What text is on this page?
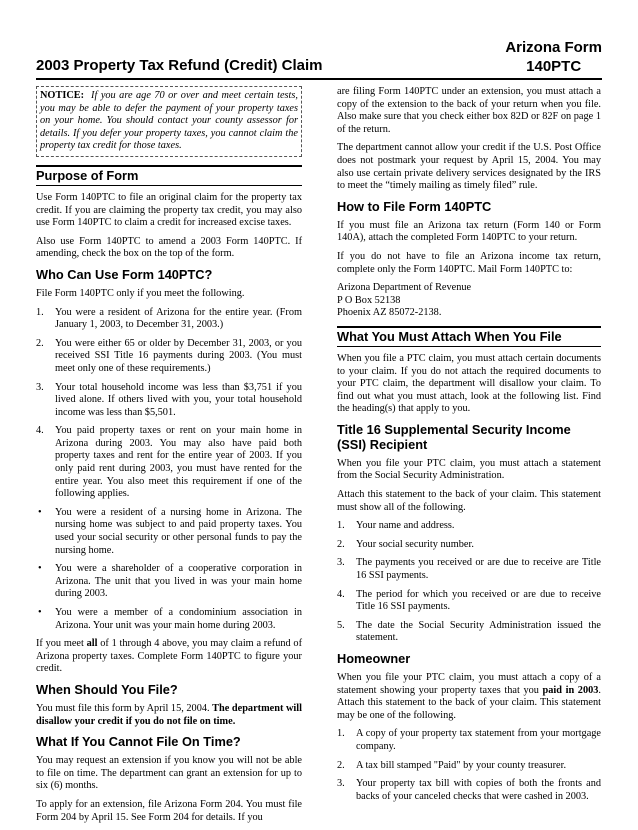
Arizona Form
140PTC
2003 Property Tax Refund (Credit) Claim

NOTICE: If you are age 70 or over and meet certain tests, you may be able to defer the payment of your property taxes on your home. You should contact your county assessor for details. If you defer your property taxes, you cannot claim the property tax credit for those taxes.

Purpose of Form

Use Form 140PTC to file an original claim for the property tax credit. If you are claiming the property tax credit, you may also use Form 140PTC to claim a credit for increased excise taxes.

Also use Form 140PTC to amend a 2003 Form 140PTC. If amending, check the box on the top of the form.

Who Can Use Form 140PTC?

File Form 140PTC only if you meet the following.

1. You were a resident of Arizona for the entire year. (From January 1, 2003, to December 31, 2003.)
2. You were either 65 or older by December 31, 2003, or you received SSI Title 16 payments during 2003. (You must meet only one of these requirements.)
3. Your total household income was less than $3,751 if you lived alone. If others lived with you, your total household income was less than $5,501.
4. You paid property taxes or rent on your main home in Arizona during 2003. You may also have paid both property taxes and rent for the entire year of 2003. If you only paid rent during 2003, you must have rented for the entire year. You also meet this requirement if one of the following applies.
• You were a resident of a nursing home in Arizona. The nursing home was subject to and paid property taxes. You used your social security or other personal funds to pay the nursing home.
• You were a shareholder of a cooperative corporation in Arizona. The unit that you lived in was your main home during 2003.
• You were a member of a condominium association in Arizona. Your unit was your main home during 2003.

If you meet all of 1 through 4 above, you may claim a refund of Arizona property taxes. Complete Form 140PTC to figure your credit.

When Should You File?

You must file this form by April 15, 2004. The department will disallow your credit if you do not file on time.

What If You Cannot File On Time?

You may request an extension if you know you will not be able to file on time. The department can grant an extension for up to six (6) months.

To apply for an extension, file Arizona Form 204. You must file Form 204 by April 15. See Form 204 for details. If you

are filing Form 140PTC under an extension, you must attach a copy of the extension to the back of your return when you file. Also make sure that you check either box 82D or 82F on page 1 of the return.

The department cannot allow your credit if the U.S. Post Office does not postmark your request by April 15, 2004. You may also use certain private delivery services designated by the IRS to meet the “timely mailing as timely filed” rule.

How to File Form 140PTC

If you must file an Arizona tax return (Form 140 or Form 140A), attach the completed Form 140PTC to your return.

If you do not have to file an Arizona income tax return, complete only the Form 140PTC. Mail Form 140PTC to:

Arizona Department of Revenue
P O Box 52138
Phoenix AZ 85072-2138.
What You Must Attach When You File

When you file a PTC claim, you must attach certain documents to your claim. If you do not attach the required documents to your PTC claim, the department will disallow your claim. To find out what you must attach, look at the following list. Find the heading(s) that apply to you.

Title 16 Supplemental Security Income (SSI) Recipient

When you file your PTC claim, you must attach a statement from the Social Security Administration.

Attach this statement to the back of your claim. This statement must show all of the following.

1. Your name and address.
2. Your social security number.
3. The payments you received or are due to receive are Title 16 SSI payments.
4. The period for which you received or are due to receive Title 16 SSI payments.
5. The date the Social Security Administration issued the statement.
Homeowner

When you file your PTC claim, you must attach a copy of a statement showing your property taxes that you paid in 2003. Attach this statement to the back of your claim. This statement may be one of the following.

1. A copy of your property tax statement from your mortgage company.
2. A tax bill stamped "Paid" by your county treasurer.
3. Your property tax bill with copies of both the fronts and backs of your canceled checks that were cashed in 2003.
